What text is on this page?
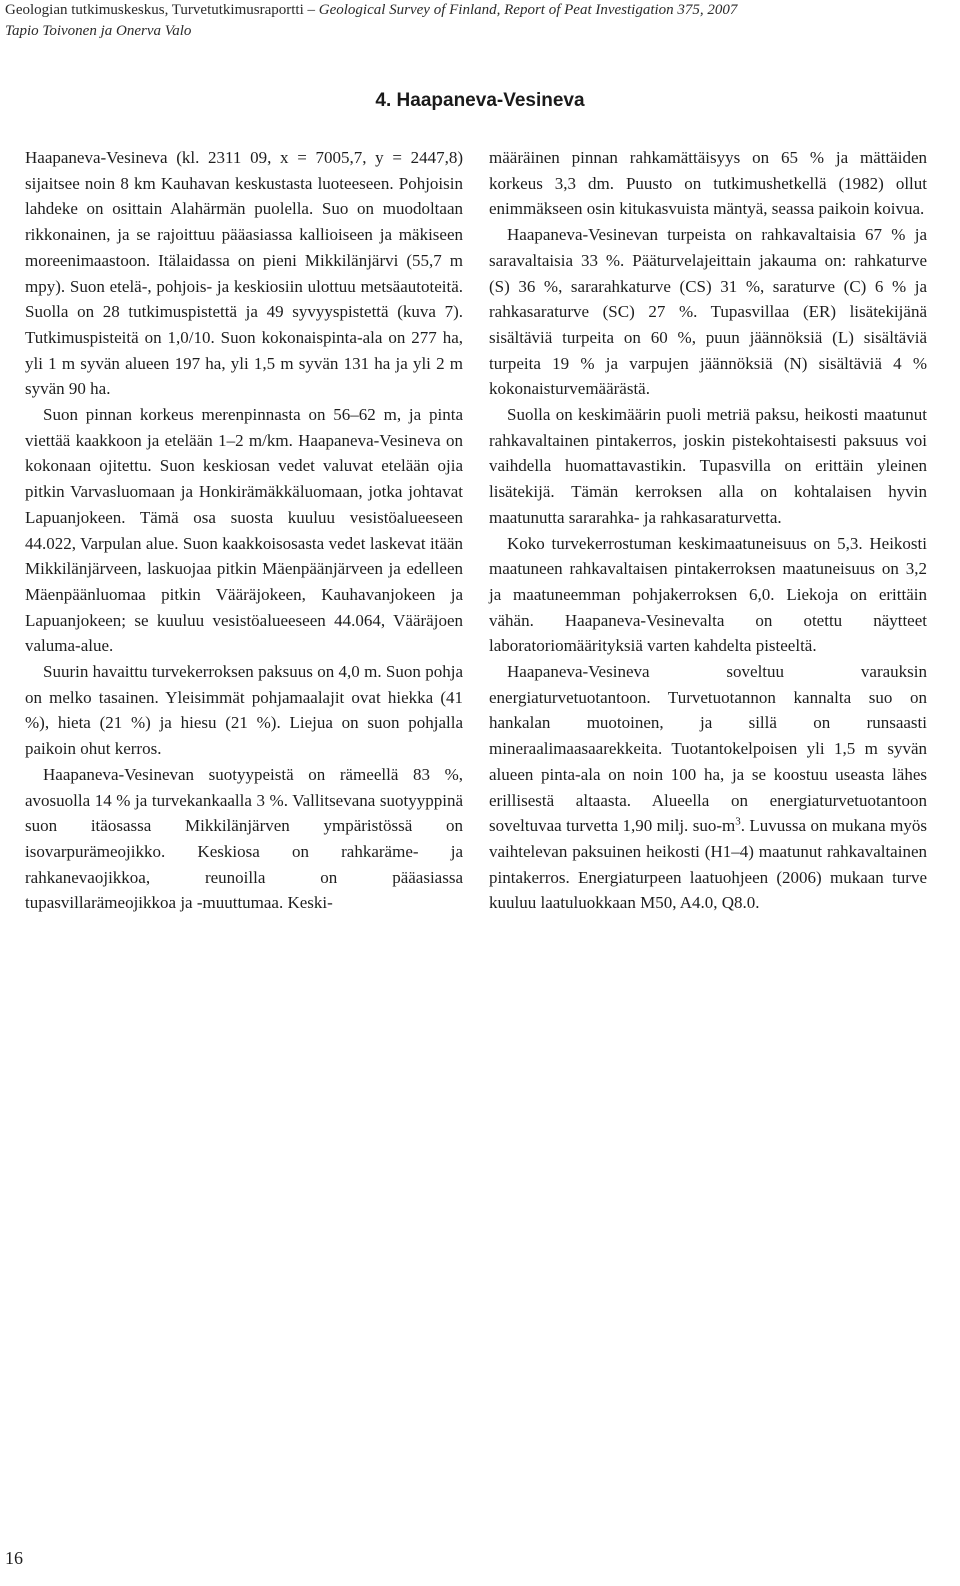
Geologian tutkimuskeskus, Turvetutkimusraportti – Geological Survey of Finland, Report of Peat Investigation 375, 2007
Tapio Toivonen ja Onerva Valo
4. Haapaneva-Vesineva

Haapaneva-Vesineva (kl. 2311 09, x = 7005,7, y = 2447,8) sijaitsee noin 8 km Kauhavan keskustasta luoteeseen. Pohjoisin lahdeke on osittain Alahärmän puolella. Suo on muodoltaan rikkonainen, ja se rajoittuu pääasiassa kallioiseen ja mäkiseen moreenimaastoon. Itälaidassa on pieni Mikkilänjärvi (55,7 m mpy). Suon etelä-, pohjois- ja keskiosiin ulottuu metsäautoteitä. Suolla on 28 tutkimuspistettä ja 49 syvyyspistettä (kuva 7). Tutkimuspisteitä on 1,0/10. Suon kokonaispinta-ala on 277 ha, yli 1 m syvän alueen 197 ha, yli 1,5 m syvän 131 ha ja yli 2 m syvän 90 ha.

Suon pinnan korkeus merenpinnasta on 56–62 m, ja pinta viettää kaakkoon ja etelään 1–2 m/km. Haapaneva-Vesineva on kokonaan ojitettu. Suon keskiosan vedet valuvat etelään ojia pitkin Varvasluomaan ja Honkirämäkkäluomaan, jotka johtavat Lapuanjokeen. Tämä osa suosta kuuluu vesistöalueeseen 44.022, Varpulan alue. Suon kaakkoisosasta vedet laskevat itään Mikkilänjärveen, laskuojaa pitkin Mäenpäänjärveen ja edelleen Mäenpäänluomaa pitkin Vääräjokeen, Kauhavanjokeen ja Lapuanjokeen; se kuuluu vesistöalueeseen 44.064, Vääräjoen valuma-alue.

Suurin havaittu turvekerroksen paksuus on 4,0 m. Suon pohja on melko tasainen. Yleisimmät pohjamaalajit ovat hiekka (41 %), hieta (21 %) ja hiesu (21 %). Liejua on suon pohjalla paikoin ohut kerros.

Haapaneva-Vesinevan suotyypeistä on rämeellä 83 %, avosuolla 14 % ja turvekankaalla 3 %. Vallitsevana suotyyppinä suon itäosassa Mikkilänjärven ympäristössä on isovarpurämeojikko. Keskiosa on rahkaräme- ja rahkanevaojikkoa, reunoilla on pääasiassa tupasvillarämeojikkoa ja -muuttumaa. Keski-

määräinen pinnan rahkamättäisyys on 65 % ja mättäiden korkeus 3,3 dm. Puusto on tutkimushetkellä (1982) ollut enimmäkseen osin kitukasvuista mäntyä, seassa paikoin koivua.

Haapaneva-Vesinevan turpeista on rahkavaltaisia 67 % ja saravaltaisia 33 %. Pääturvelajeittain jakauma on: rahkaturve (S) 36 %, sararahkaturve (CS) 31 %, saraturve (C) 6 % ja rahkasaraturve (SC) 27 %. Tupasvillaa (ER) lisätekijänä sisältäviä turpeita on 60 %, puun jäännöksiä (L) sisältäviä turpeita 19 % ja varpujen jäännöksiä (N) sisältäviä 4 % kokonaisturvemäärästä.

Suolla on keskimäärin puoli metriä paksu, heikosti maatunut rahkavaltainen pintakerros, joskin pistekohtaisesti paksuus voi vaihdella huomattavastikin. Tupasvilla on erittäin yleinen lisätekijä. Tämän kerroksen alla on kohtalaisen hyvin maatunutta sararahka- ja rahkasaraturvetta.

Koko turvekerrostuman keskimaatuneisuus on 5,3. Heikosti maatuneen rahkavaltaisen pintakerroksen maatuneisuus on 3,2 ja maatuneemman pohjakerroksen 6,0. Liekoja on erittäin vähän. Haapaneva-Vesinevalta on otettu näytteet laboratoriomäärityksiä varten kahdelta pisteeltä.

Haapaneva-Vesineva soveltuu varauksin energiaturvetuotantoon. Turvetuotannon kannalta suo on hankalan muotoinen, ja sillä on runsaasti mineraalimaasaarekkeita. Tuotantokelpoisen yli 1,5 m syvän alueen pinta-ala on noin 100 ha, ja se koostuu useasta lähes erillisestä altaasta. Alueella on energiaturvetuotantoon soveltuvaa turvetta 1,90 milj. suo-$m^3$. Luvussa on mukana myös vaihtelevan paksuinen heikosti (H1–4) maatunut rahkavaltainen pintakerros. Energiaturpeen laatuohjeen (2006) mukaan turve kuuluu laatuluokkaan M50, A4.0, Q8.0.

16
